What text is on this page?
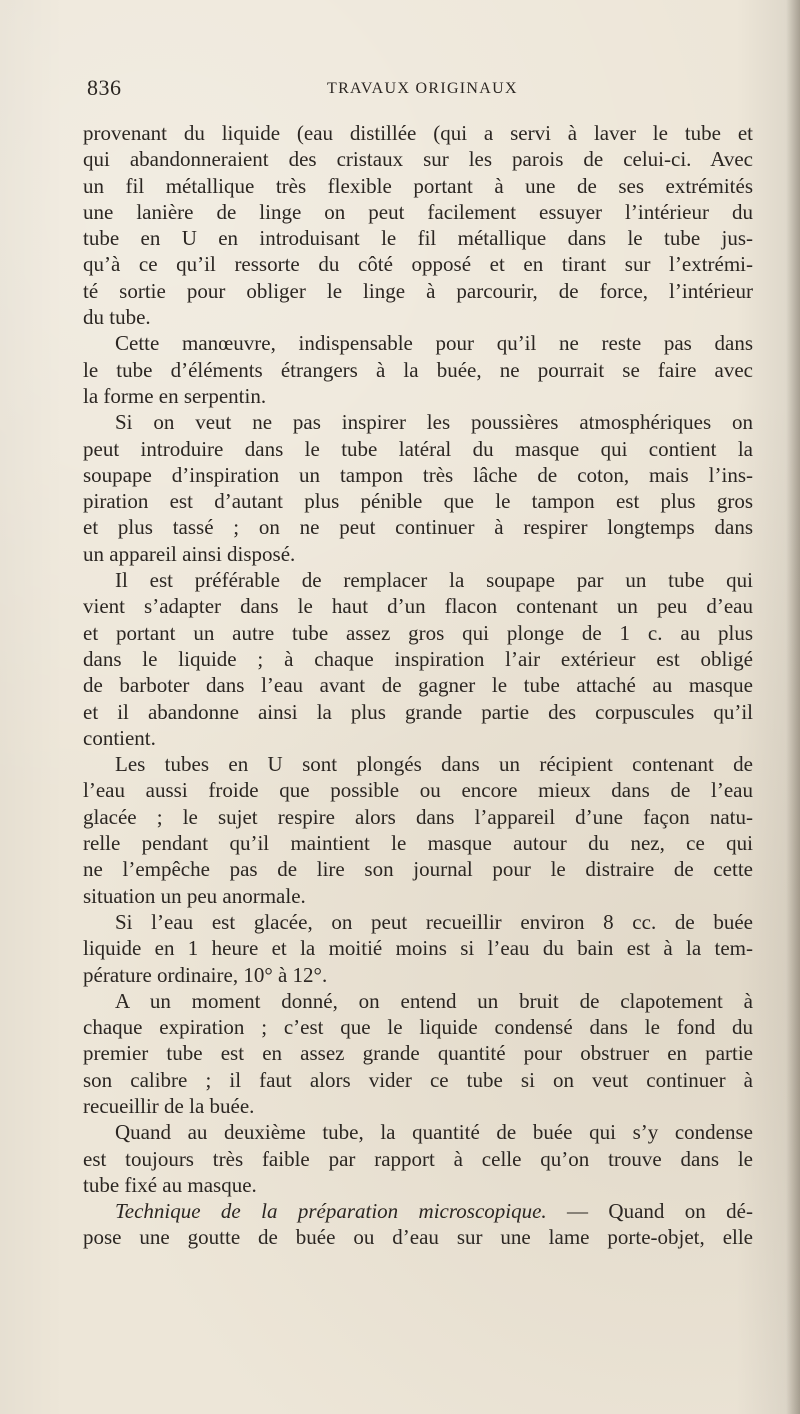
836	TRAVAUX ORIGINAUX
provenant du liquide (eau distillée (qui a servi à laver le tube et
qui abandonneraient des cristaux sur les parois de celui-ci. Avec
un fil métallique très flexible portant à une de ses extrémités
une lanière de linge on peut facilement essuyer l’intérieur du
tube en U en introduisant le fil métallique dans le tube jus-
qu’à ce qu’il ressorte du côté opposé et en tirant sur l’extrémi-
té sortie pour obliger le linge à parcourir, de force, l’intérieur
du tube.
Cette manœuvre, indispensable pour qu’il ne reste pas dans
le tube d’éléments étrangers à la buée, ne pourrait se faire avec
la forme en serpentin.
Si on veut ne pas inspirer les poussières atmosphériques on
peut introduire dans le tube latéral du masque qui contient la
soupape d’inspiration un tampon très lâche de coton, mais l’ins-
piration est d’autant plus pénible que le tampon est plus gros
et plus tassé ; on ne peut continuer à respirer longtemps dans
un appareil ainsi disposé.
Il est préférable de remplacer la soupape par un tube qui
vient s’adapter dans le haut d’un flacon contenant un peu d’eau
et portant un autre tube assez gros qui plonge de 1 c. au plus
dans le liquide ; à chaque inspiration l’air extérieur est obligé
de barboter dans l’eau avant de gagner le tube attaché au masque
et il abandonne ainsi la plus grande partie des corpuscules qu’il
contient.
Les tubes en U sont plongés dans un récipient contenant de
l’eau aussi froide que possible ou encore mieux dans de l’eau
glacée ; le sujet respire alors dans l’appareil d’une façon natu-
relle pendant qu’il maintient le masque autour du nez, ce qui
ne l’empêche pas de lire son journal pour le distraire de cette
situation un peu anormale.
Si l’eau est glacée, on peut recueillir environ 8 cc. de buée
liquide en 1 heure et la moitié moins si l’eau du bain est à la tem-
pérature ordinaire, 10° à 12°.
A un moment donné, on entend un bruit de clapotement à
chaque expiration ; c’est que le liquide condensé dans le fond du
premier tube est en assez grande quantité pour obstruer en partie
son calibre ; il faut alors vider ce tube si on veut continuer à
recueillir de la buée.
Quand au deuxième tube, la quantité de buée qui s’y condense
est toujours très faible par rapport à celle qu’on trouve dans le
tube fixé au masque.
Technique de la préparation microscopique. — Quand on dé-
pose une goutte de buée ou d’eau sur une lame porte-objet, elle
